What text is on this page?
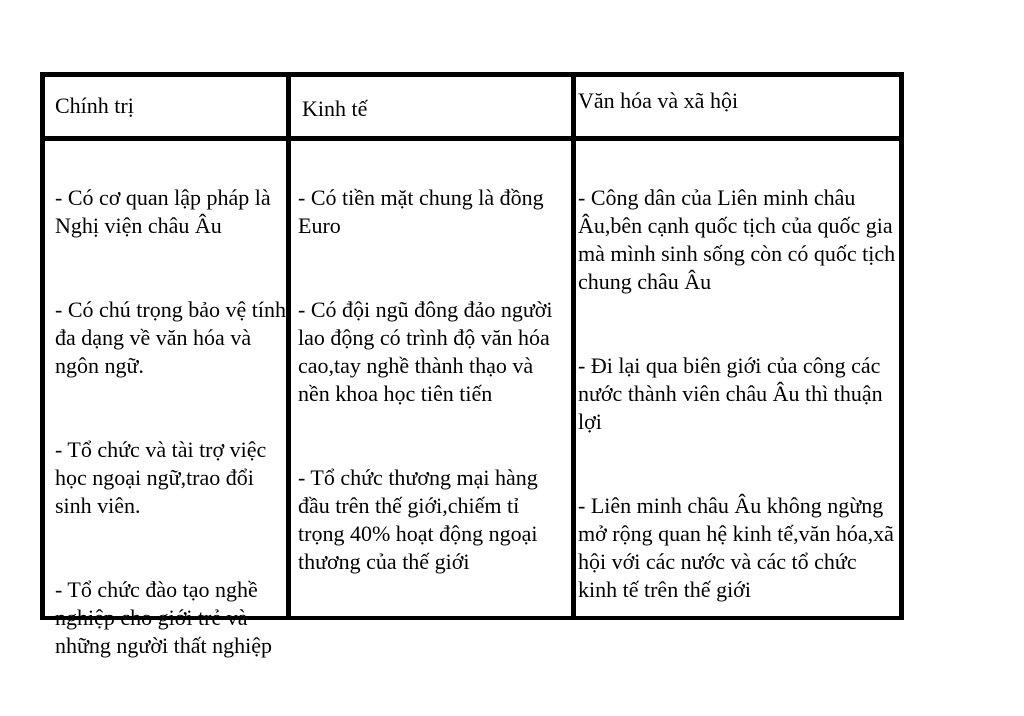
Chính trị	Kinh tế	Văn hóa và xã hội

- Có cơ quan lập pháp là Nghị viện châu Âu

- Có chú trọng bảo vệ tính đa dạng về văn hóa và ngôn ngữ.

- Tổ chức và tài trợ việc học ngoại ngữ,trao đổi sinh viên.

- Tổ chức đào tạo nghề nghiệp cho giới trẻ và những người thất nghiệp

- Có tiền mặt chung là đồng Euro

- Có đội ngũ đông đảo người lao động có trình độ văn hóa cao,tay nghề thành thạo và nền khoa học tiên tiến

- Tổ chức thương mại hàng đầu trên thế giới,chiếm tỉ trọng 40% hoạt động ngoại thương của thế giới

- Công dân của Liên minh châu Âu,bên cạnh quốc tịch của quốc gia mà mình sinh sống còn có quốc tịch chung châu Âu

- Đi lại qua biên giới của công các nước thành viên châu Âu thì thuận lợi

- Liên minh châu Âu không ngừng mở rộng quan hệ kinh tế,văn hóa,xã hội với các nước và các tổ chức kinh tế trên thế giới
